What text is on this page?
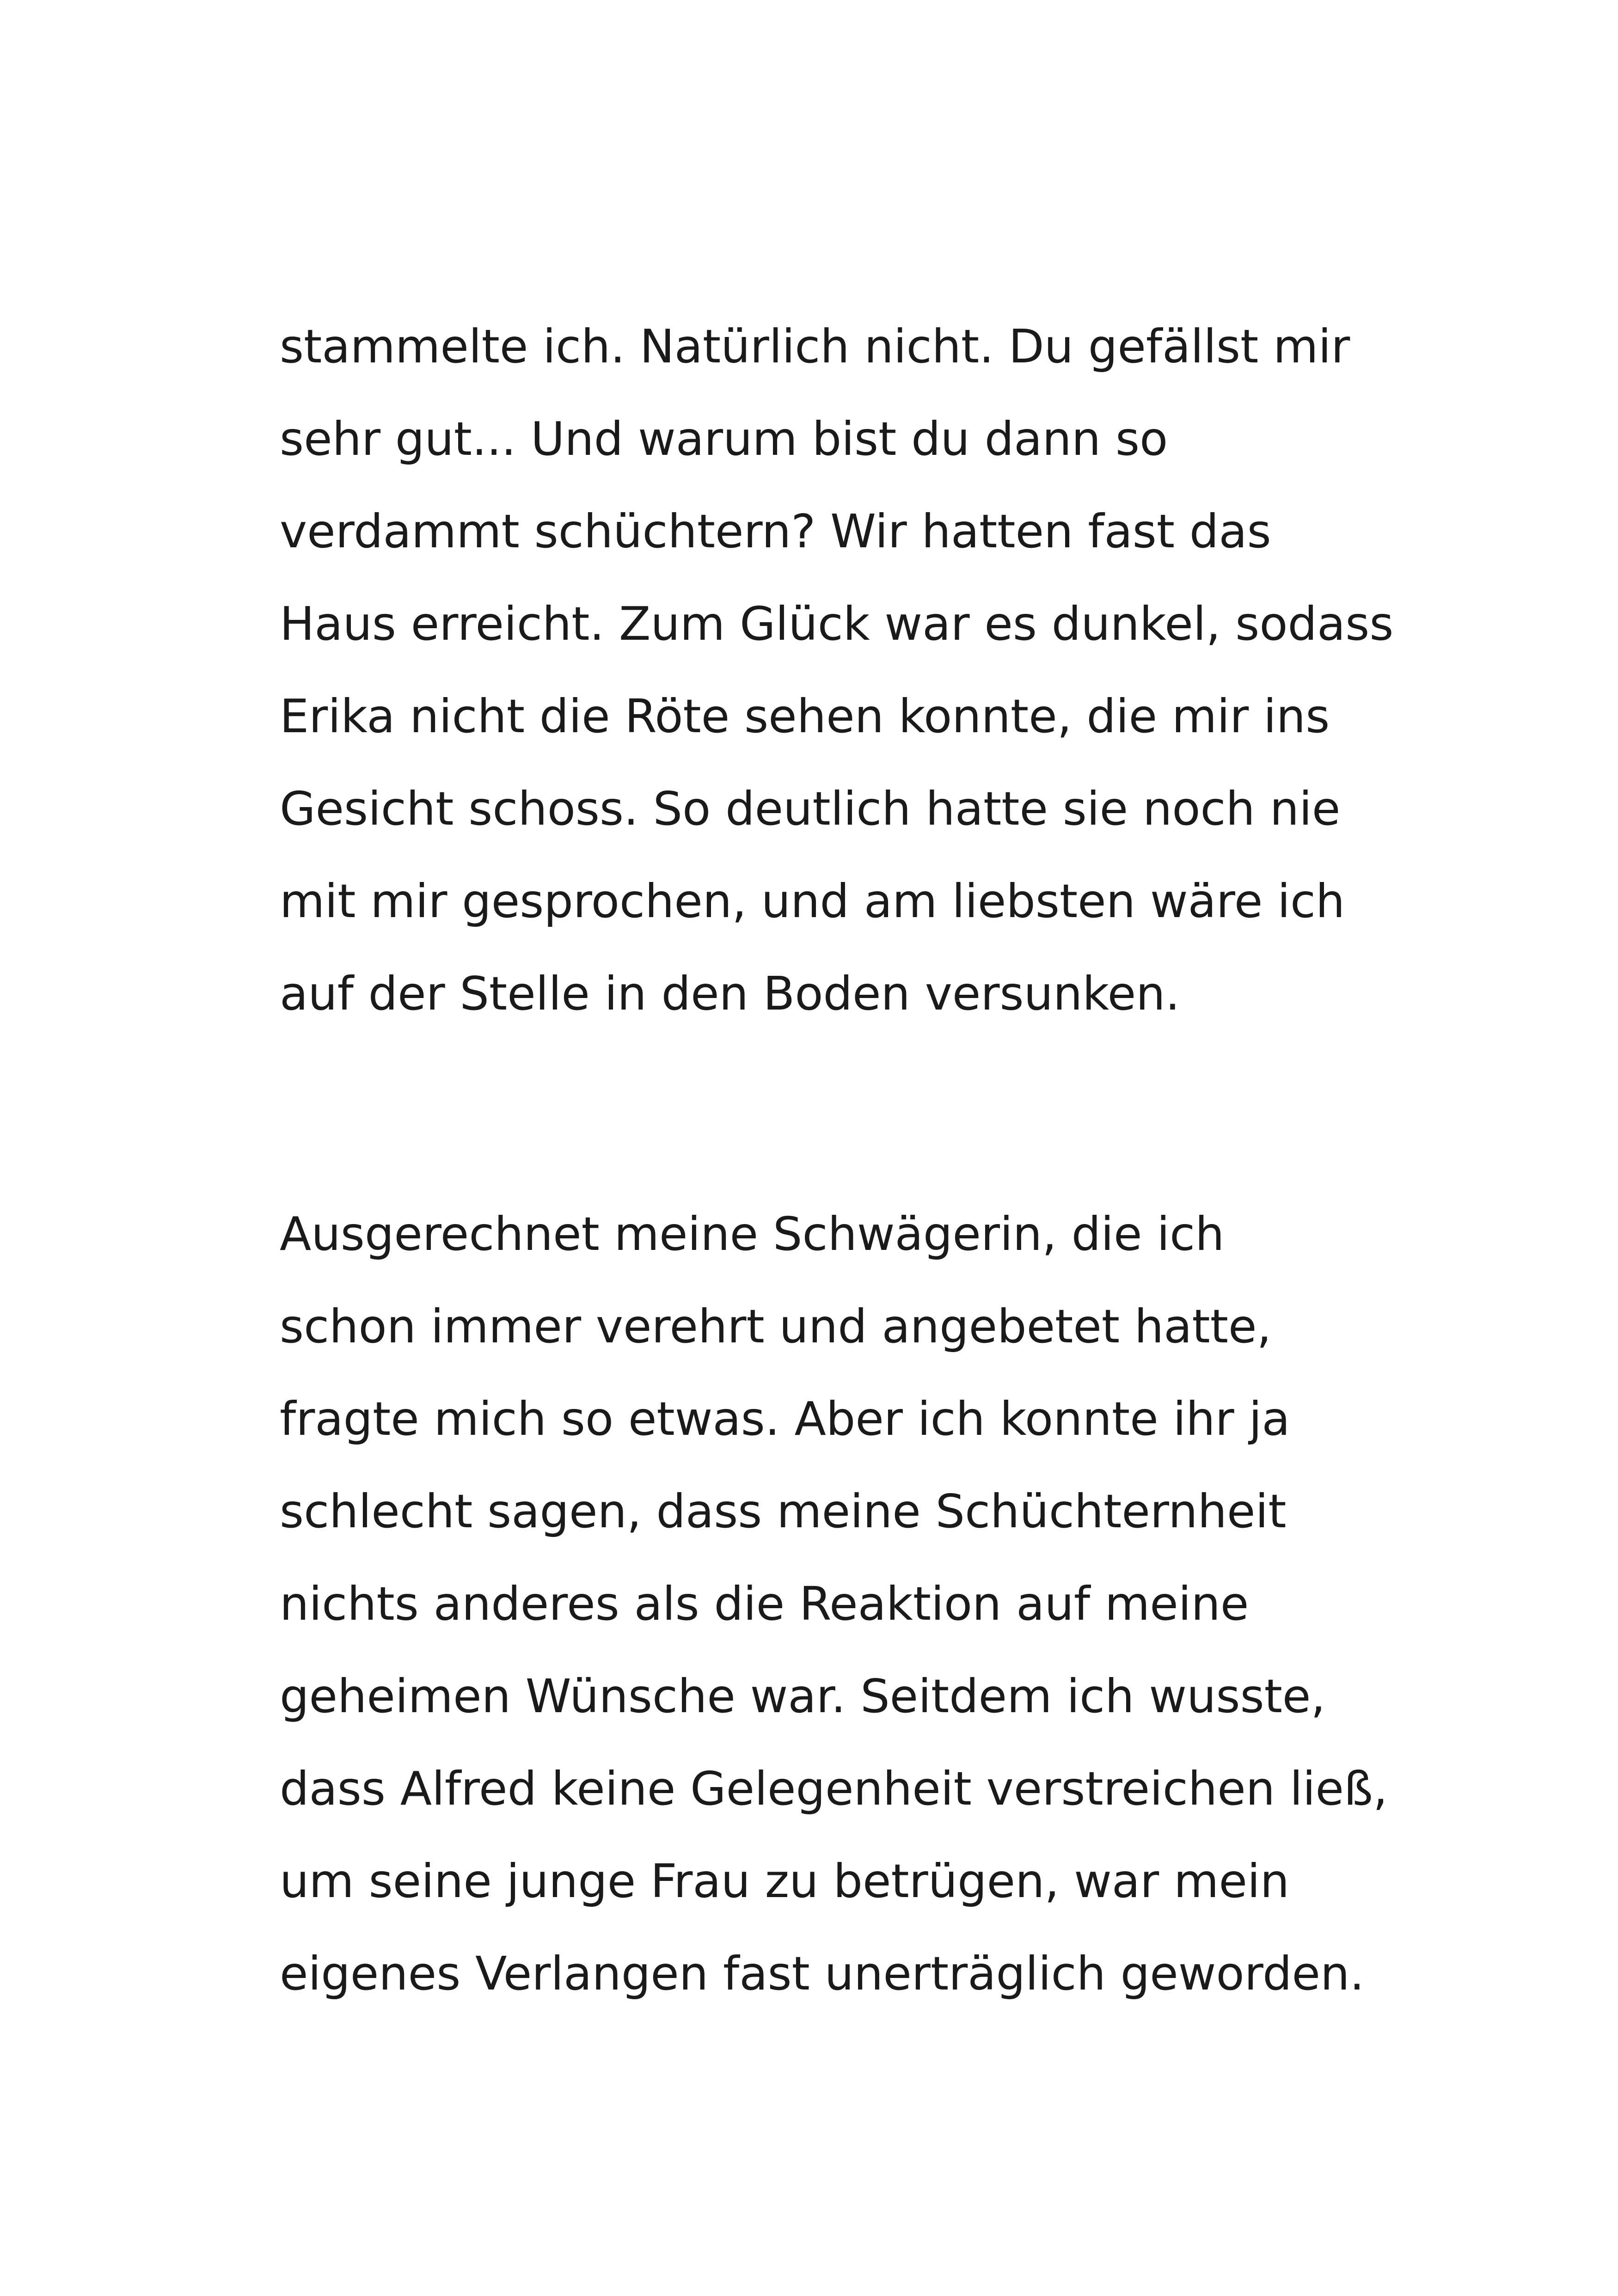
stammelte ich. Natürlich nicht. Du gefällst mir
sehr gut... Und warum bist du dann so
verdammt schüchtern? Wir hatten fast das
Haus erreicht. Zum Glück war es dunkel, sodass
Erika nicht die Röte sehen konnte, die mir ins
Gesicht schoss. So deutlich hatte sie noch nie
mit mir gesprochen, und am liebsten wäre ich
auf der Stelle in den Boden versunken.
Ausgerechnet meine Schwägerin, die ich
schon immer verehrt und angebetet hatte,
fragte mich so etwas. Aber ich konnte ihr ja
schlecht sagen, dass meine Schüchternheit
nichts anderes als die Reaktion auf meine
geheimen Wünsche war. Seitdem ich wusste,
dass Alfred keine Gelegenheit verstreichen ließ,
um seine junge Frau zu betrügen, war mein
eigenes Verlangen fast unerträglich geworden.
